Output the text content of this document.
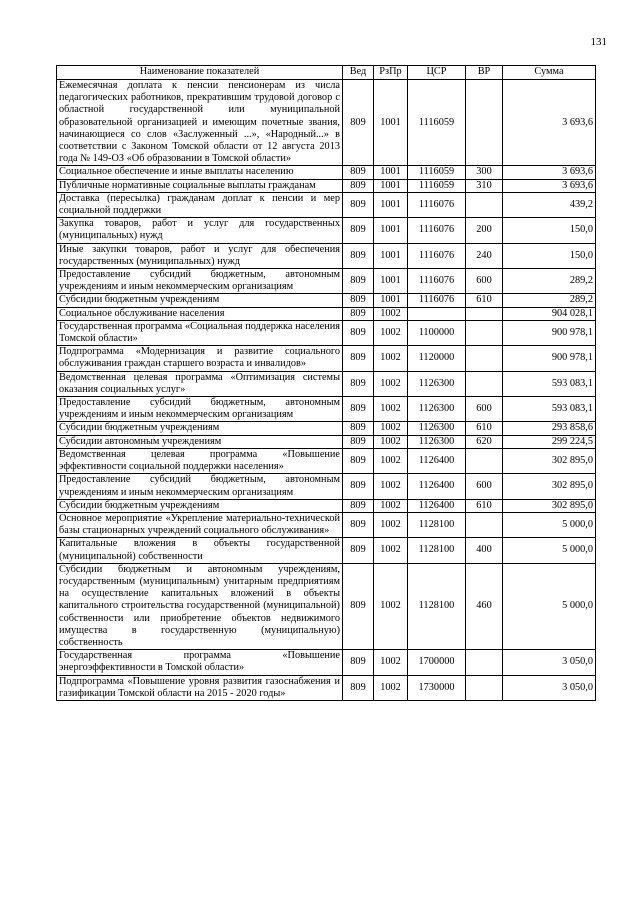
131
Наименование показателей	Вед	РзПр	ЦСР	ВР	Сумма
Ежемесячная доплата к пенсии пенсионерам из числа педагогических работников, прекратившим трудовой договор с областной государственной или муниципальной образовательной организацией и имеющим почетные звания, начинающиеся со слов «Заслуженный ...», «Народный...» в соответствии с Законом Томской области от 12 августа 2013 года № 149-ОЗ «Об образовании в Томской области»	809	1001	1116059		3 693,6
Социальное обеспечение и иные выплаты населению	809	1001	1116059	300	3 693,6
Публичные нормативные социальные выплаты гражданам	809	1001	1116059	310	3 693,6
Доставка (пересылка) гражданам доплат к пенсии и мер социальной поддержки	809	1001	1116076		439,2
Закупка товаров, работ и услуг для государственных (муниципальных) нужд	809	1001	1116076	200	150,0
Иные закупки товаров, работ и услуг для обеспечения государственных (муниципальных) нужд	809	1001	1116076	240	150,0
Предоставление субсидий бюджетным, автономным учреждениям и иным некоммерческим организациям	809	1001	1116076	600	289,2
Субсидии бюджетным учреждениям	809	1001	1116076	610	289,2
Социальное обслуживание населения	809	1002			904 028,1
Государственная программа «Социальная поддержка населения Томской области»	809	1002	1100000		900 978,1
Подпрограмма «Модернизация и развитие социального обслуживания граждан старшего возраста и инвалидов»	809	1002	1120000		900 978,1
Ведомственная целевая программа «Оптимизация системы оказания социальных услуг»	809	1002	1126300		593 083,1
Предоставление субсидий бюджетным, автономным учреждениям и иным некоммерческим организациям	809	1002	1126300	600	593 083,1
Субсидии бюджетным учреждениям	809	1002	1126300	610	293 858,6
Субсидии автономным учреждениям	809	1002	1126300	620	299 224,5
Ведомственная целевая программа «Повышение эффективности социальной поддержки населения»	809	1002	1126400		302 895,0
Предоставление субсидий бюджетным, автономным учреждениям и иным некоммерческим организациям	809	1002	1126400	600	302 895,0
Субсидии бюджетным учреждениям	809	1002	1126400	610	302 895,0
Основное мероприятие «Укрепление материально-технической базы стационарных учреждений социального обслуживания»	809	1002	1128100		5 000,0
Капитальные вложения в объекты государственной (муниципальной) собственности	809	1002	1128100	400	5 000,0
Субсидии бюджетным и автономным учреждениям, государственным (муниципальным) унитарным предприятиям на осуществление капитальных вложений в объекты капитального строительства государственной (муниципальной) собственности или приобретение объектов недвижимого имущества в государственную (муниципальную) собственность	809	1002	1128100	460	5 000,0
Государственная программа «Повышение энергоэффективности в Томской области»	809	1002	1700000		3 050,0
Подпрограмма «Повышение уровня развития газоснабжения и газификации Томской области на 2015 - 2020 годы»	809	1002	1730000		3 050,0
